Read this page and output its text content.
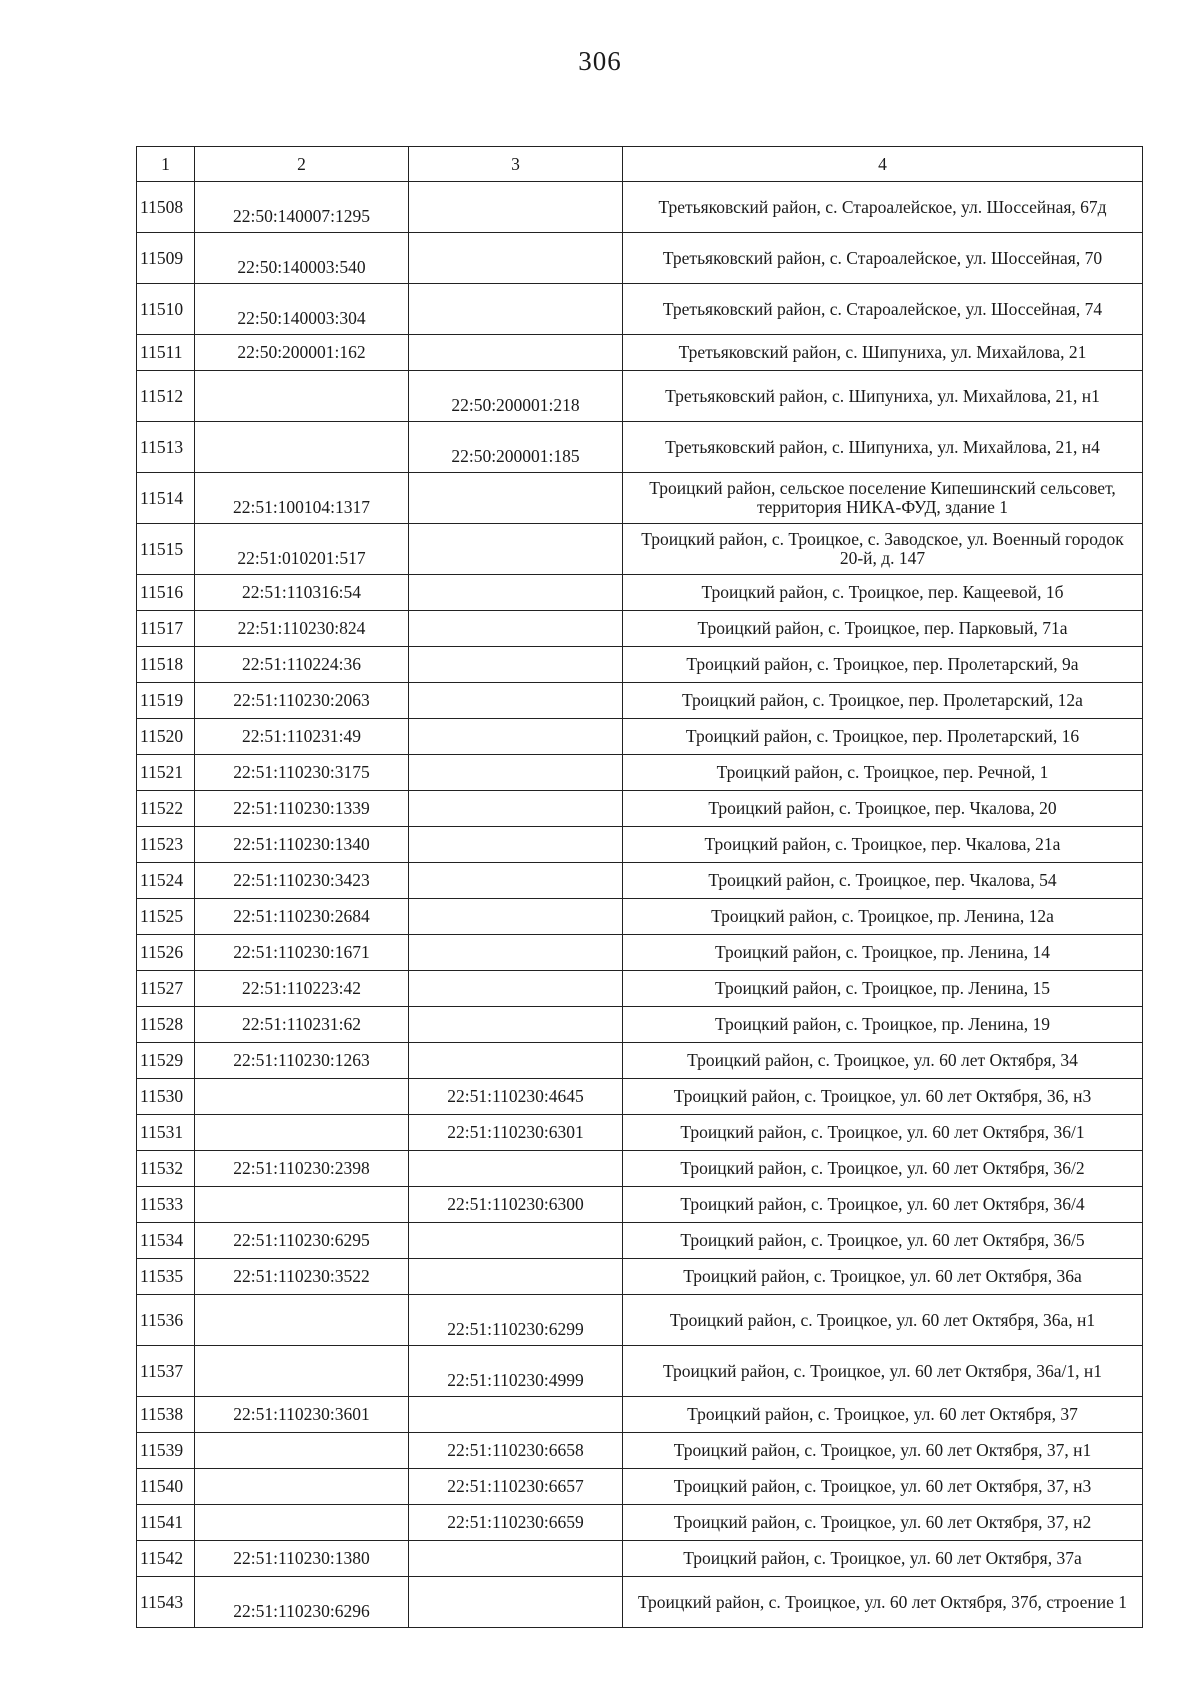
306
1	2	3	4
11508	22:50:140007:1295		Третьяковский район, с. Староалейское, ул. Шоссейная, 67д
11509	22:50:140003:540		Третьяковский район, с. Староалейское, ул. Шоссейная, 70
11510	22:50:140003:304		Третьяковский район, с. Староалейское, ул. Шоссейная, 74
11511	22:50:200001:162		Третьяковский район, с. Шипуниха, ул. Михайлова, 21
11512		22:50:200001:218	Третьяковский район, с. Шипуниха, ул. Михайлова, 21, н1
11513		22:50:200001:185	Третьяковский район, с. Шипуниха, ул. Михайлова, 21, н4
11514	22:51:100104:1317		Троицкий район, сельское поселение Кипешинский сельсовет, территория НИКА-ФУД, здание 1
11515	22:51:010201:517		Троицкий район, с. Троицкое, с. Заводское, ул. Военный городок 20-й, д. 147
11516	22:51:110316:54		Троицкий район, с. Троицкое, пер. Кащеевой, 1б
11517	22:51:110230:824		Троицкий район, с. Троицкое, пер. Парковый, 71а
11518	22:51:110224:36		Троицкий район, с. Троицкое, пер. Пролетарский, 9а
11519	22:51:110230:2063		Троицкий район, с. Троицкое, пер. Пролетарский, 12а
11520	22:51:110231:49		Троицкий район, с. Троицкое, пер. Пролетарский, 16
11521	22:51:110230:3175		Троицкий район, с. Троицкое, пер. Речной, 1
11522	22:51:110230:1339		Троицкий район, с. Троицкое, пер. Чкалова, 20
11523	22:51:110230:1340		Троицкий район, с. Троицкое, пер. Чкалова, 21а
11524	22:51:110230:3423		Троицкий район, с. Троицкое, пер. Чкалова, 54
11525	22:51:110230:2684		Троицкий район, с. Троицкое, пр. Ленина, 12а
11526	22:51:110230:1671		Троицкий район, с. Троицкое, пр. Ленина, 14
11527	22:51:110223:42		Троицкий район, с. Троицкое, пр. Ленина, 15
11528	22:51:110231:62		Троицкий район, с. Троицкое, пр. Ленина, 19
11529	22:51:110230:1263		Троицкий район, с. Троицкое, ул. 60 лет Октября, 34
11530		22:51:110230:4645	Троицкий район, с. Троицкое, ул. 60 лет Октября, 36, н3
11531		22:51:110230:6301	Троицкий район, с. Троицкое, ул. 60 лет Октября, 36/1
11532	22:51:110230:2398		Троицкий район, с. Троицкое, ул. 60 лет Октября, 36/2
11533		22:51:110230:6300	Троицкий район, с. Троицкое, ул. 60 лет Октября, 36/4
11534	22:51:110230:6295		Троицкий район, с. Троицкое, ул. 60 лет Октября, 36/5
11535	22:51:110230:3522		Троицкий район, с. Троицкое, ул. 60 лет Октября, 36а
11536		22:51:110230:6299	Троицкий район, с. Троицкое, ул. 60 лет Октября, 36а, н1
11537		22:51:110230:4999	Троицкий район, с. Троицкое, ул. 60 лет Октября, 36а/1, н1
11538	22:51:110230:3601		Троицкий район, с. Троицкое, ул. 60 лет Октября, 37
11539		22:51:110230:6658	Троицкий район, с. Троицкое, ул. 60 лет Октября, 37, н1
11540		22:51:110230:6657	Троицкий район, с. Троицкое, ул. 60 лет Октября, 37, н3
11541		22:51:110230:6659	Троицкий район, с. Троицкое, ул. 60 лет Октября, 37, н2
11542	22:51:110230:1380		Троицкий район, с. Троицкое, ул. 60 лет Октября, 37а
11543	22:51:110230:6296		Троицкий район, с. Троицкое, ул. 60 лет Октября, 37б, строение 1
